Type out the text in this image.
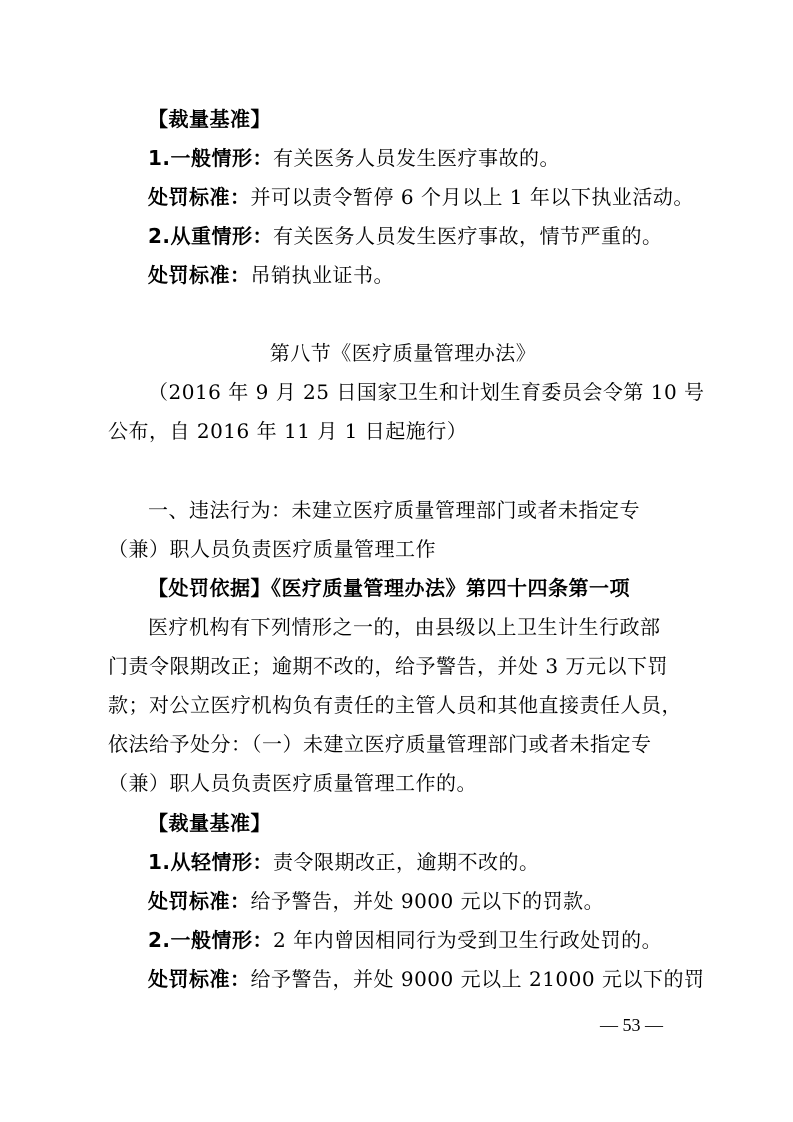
【裁量基准】
1.一般情形：有关医务人员发生医疗事故的。
处罚标准：并可以责令暂停 6 个月以上 1 年以下执业活动。
2.从重情形：有关医务人员发生医疗事故，情节严重的。
处罚标准：吊销执业证书。
第八节《医疗质量管理办法》
（2016 年 9 月 25 日国家卫生和计划生育委员会令第 10 号
公布，自 2016 年 11 月 1 日起施行）
一、违法行为：未建立医疗质量管理部门或者未指定专
（兼）职人员负责医疗质量管理工作
【处罚依据】《医疗质量管理办法》第四十四条第一项
医疗机构有下列情形之一的，由县级以上卫生计生行政部
门责令限期改正；逾期不改的，给予警告，并处 3 万元以下罚
款；对公立医疗机构负有责任的主管人员和其他直接责任人员，
依法给予处分：（一）未建立医疗质量管理部门或者未指定专
（兼）职人员负责医疗质量管理工作的。
【裁量基准】
1.从轻情形：责令限期改正，逾期不改的。
处罚标准：给予警告，并处 9000 元以下的罚款。
2.一般情形：2 年内曾因相同行为受到卫生行政处罚的。
处罚标准：给予警告，并处 9000 元以上 21000 元以下的罚
— 53 —
